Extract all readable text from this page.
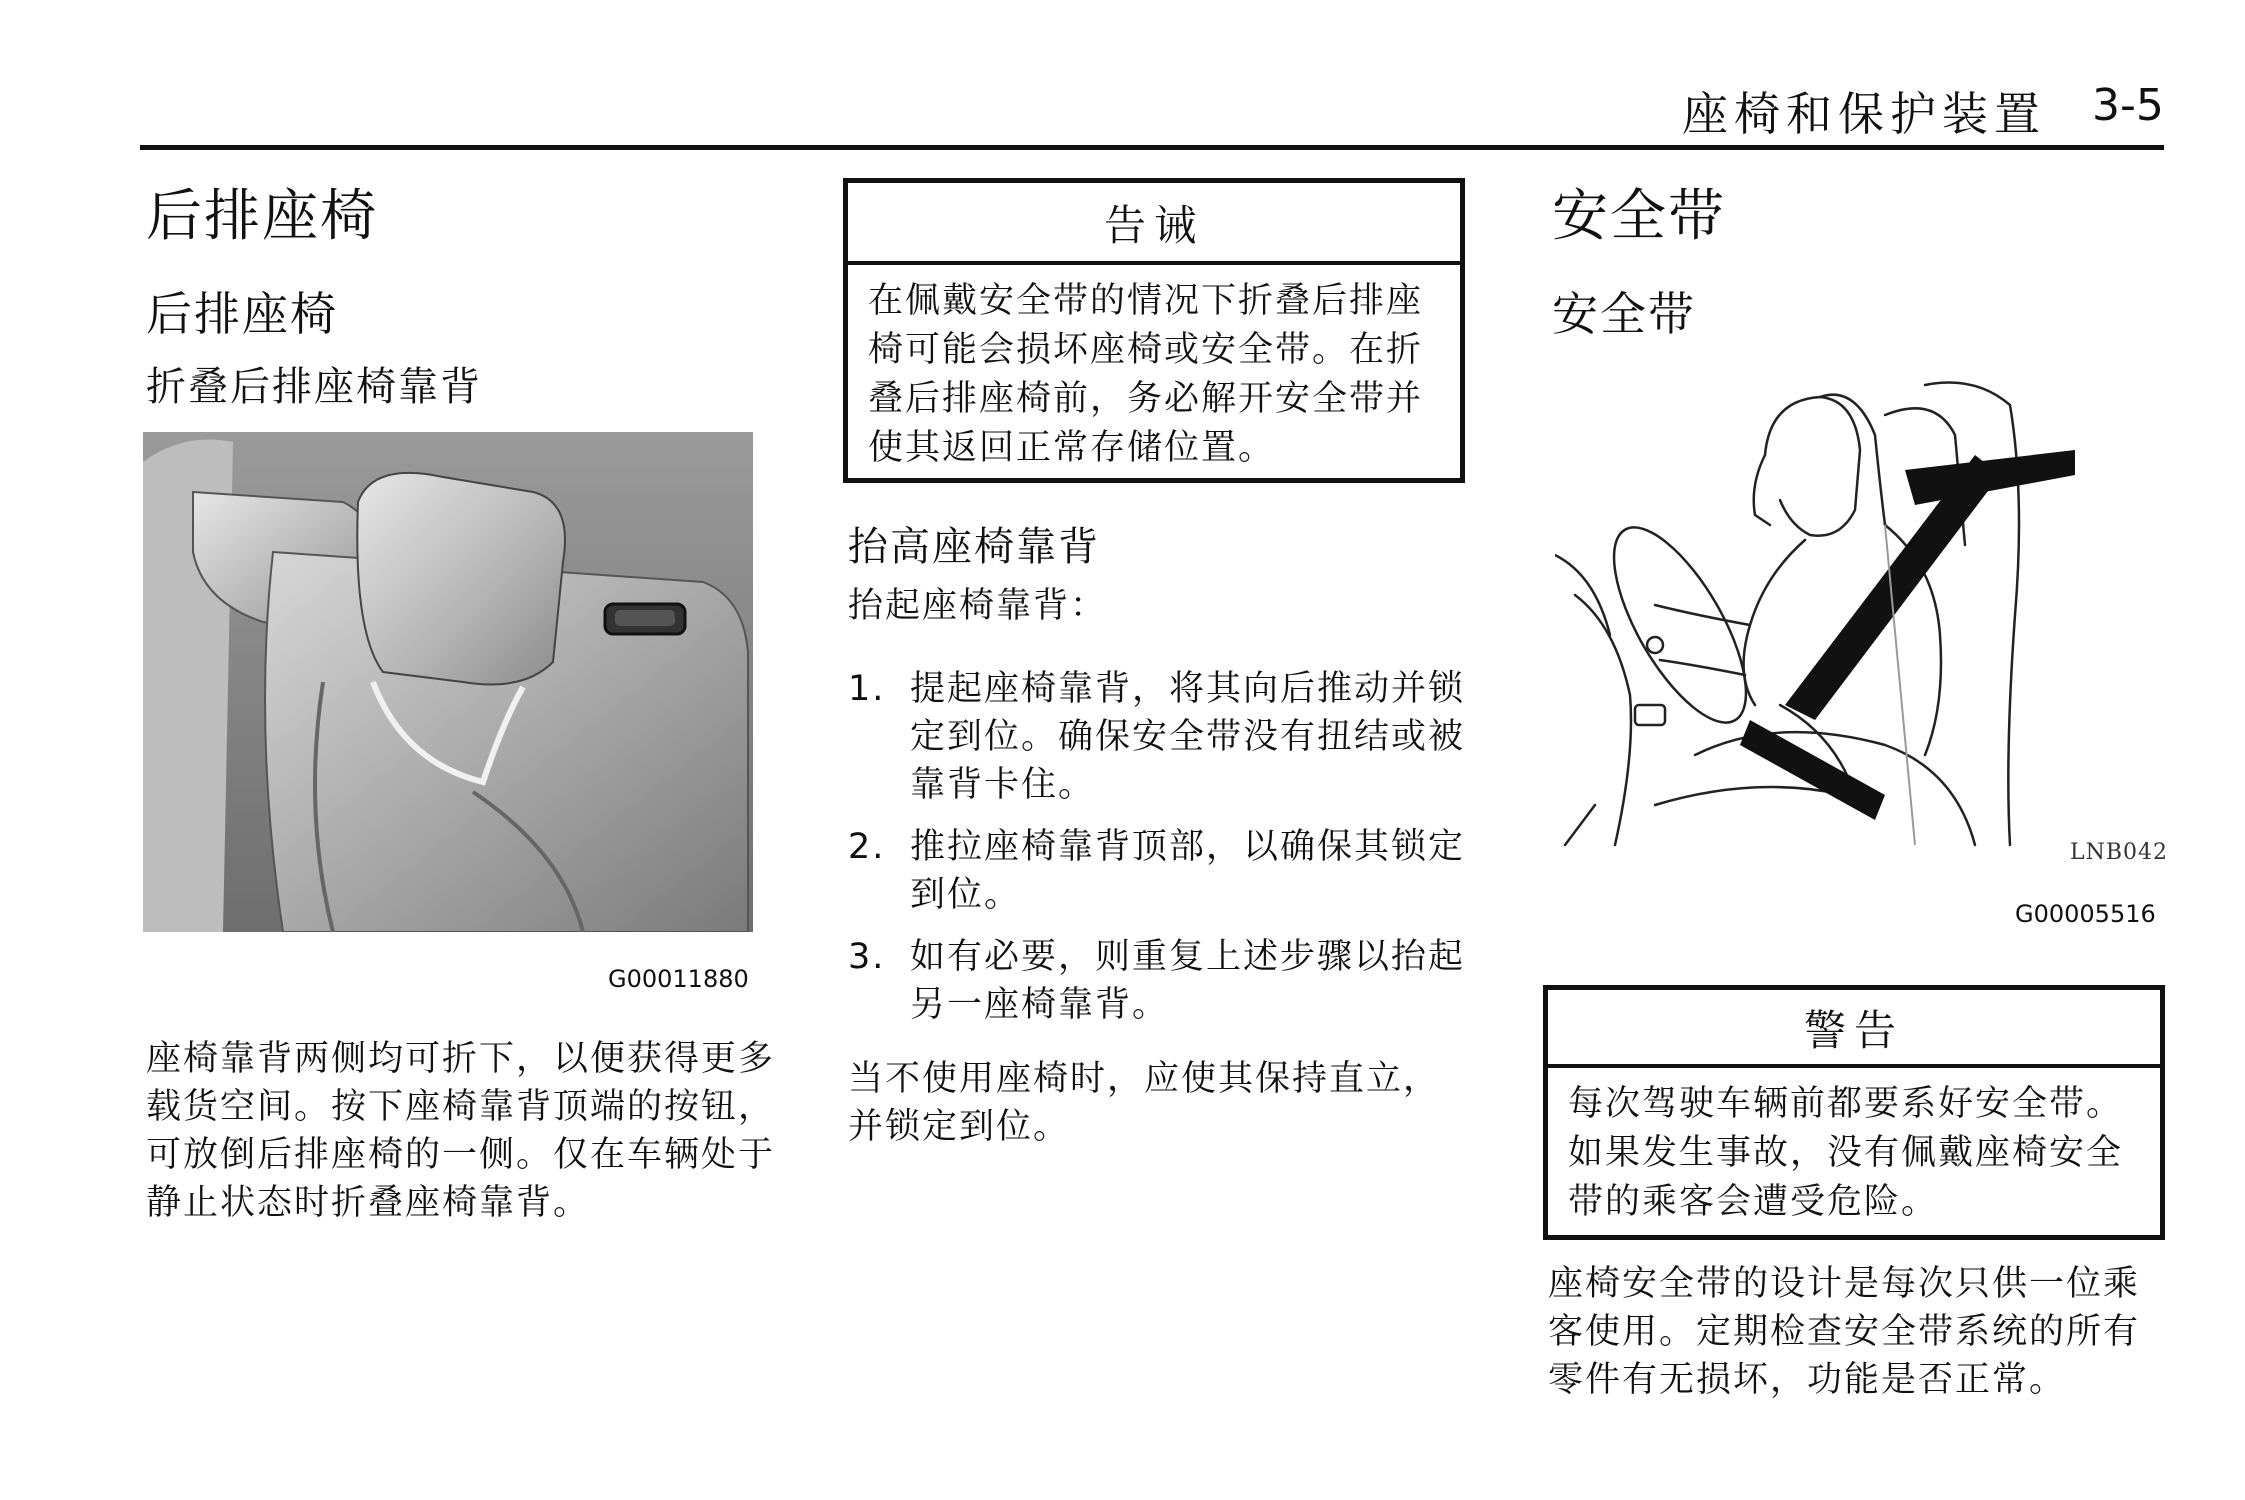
座椅和保护装置 3-5
后排座椅
后排座椅
折叠后排座椅靠背
G00011880
座椅靠背两侧均可折下，以便获得更多载货空间。按下座椅靠背顶端的按钮，可放倒后排座椅的一侧。仅在车辆处于静止状态时折叠座椅靠背。
告诫
在佩戴安全带的情况下折叠后排座椅可能会损坏座椅或安全带。在折叠后排座椅前，务必解开安全带并使其返回正常存储位置。
抬高座椅靠背
抬起座椅靠背：
1. 提起座椅靠背，将其向后推动并锁定到位。确保安全带没有扭结或被靠背卡住。
2. 推拉座椅靠背顶部，以确保其锁定到位。
3. 如有必要，则重复上述步骤以抬起另一座椅靠背。
当不使用座椅时，应使其保持直立，并锁定到位。
安全带
安全带
LNB042
G00005516
警告
每次驾驶车辆前都要系好安全带。如果发生事故，没有佩戴座椅安全带的乘客会遭受危险。
座椅安全带的设计是每次只供一位乘客使用。定期检查安全带系统的所有零件有无损坏，功能是否正常。
